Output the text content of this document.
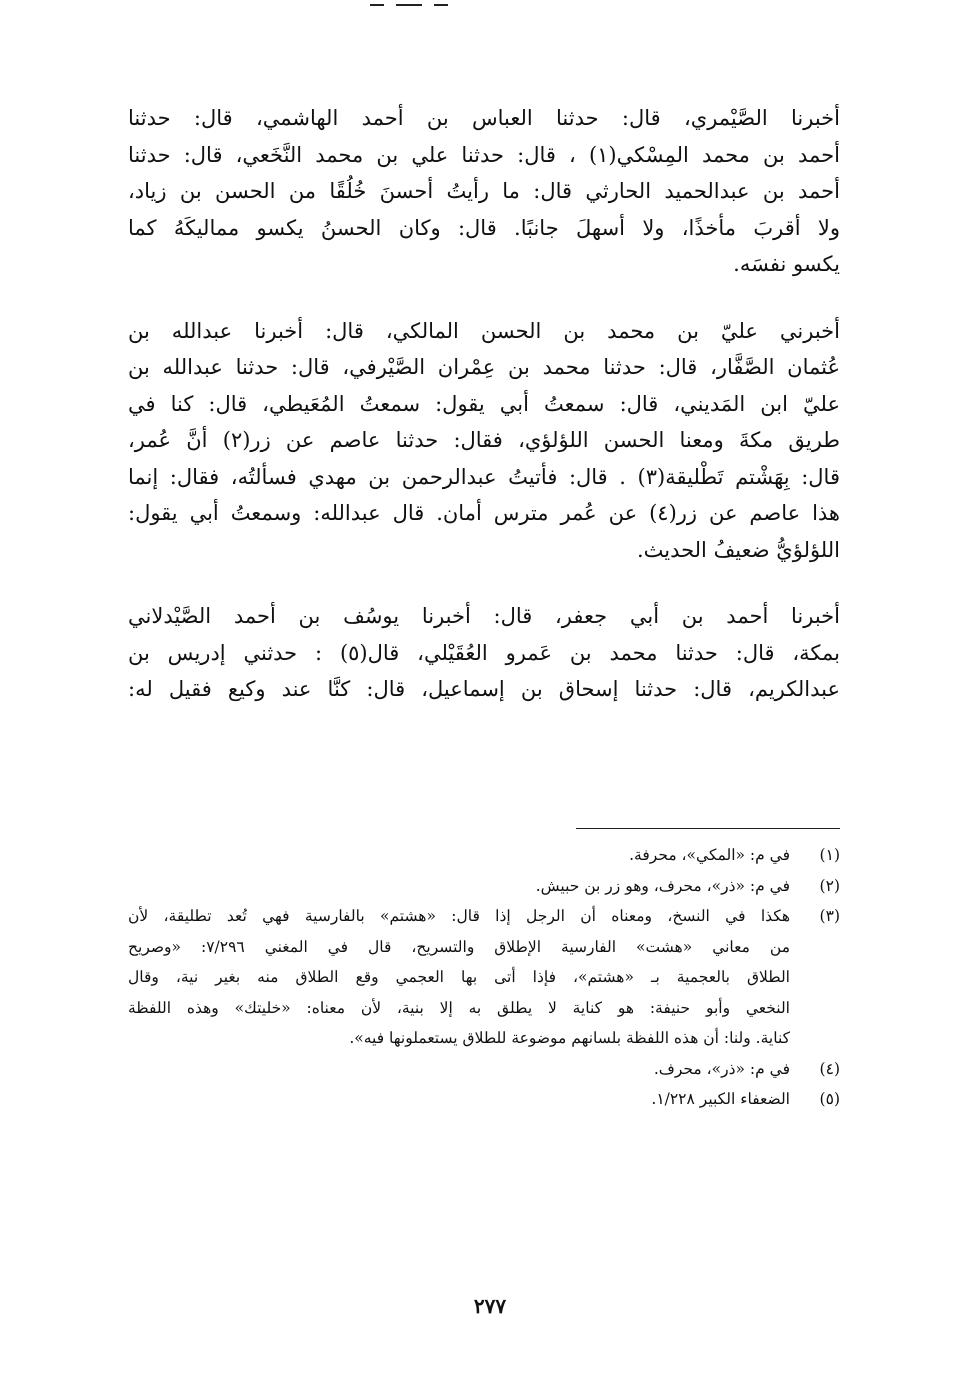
أخبرنا الصَّيْمري، قال: حدثنا العباس بن أحمد الهاشمي، قال: حدثنا
أحمد بن محمد المِسْكي(١) ، قال: حدثنا علي بن محمد النَّخَعي، قال: حدثنا
أحمد بن عبدالحميد الحارثي قال: ما رأيتُ أحسنَ خُلُقًا من الحسن بن زياد،
ولا أقربَ مأخذًا، ولا أسهلَ جانبًا. قال: وكان الحسنُ يكسو مماليكَهُ كما
يكسو نفسَه.

أخبرني عليّ بن محمد بن الحسن المالكي، قال: أخبرنا عبدالله بن
عُثمان الصَّفَّار، قال: حدثنا محمد بن عِمْران الصَّيْرفي، قال: حدثنا عبدالله بن
عليّ ابن المَديني، قال: سمعتُ أبي يقول: سمعتُ المُعَيطي، قال: كنا في
طريق مكةَ ومعنا الحسن اللؤلؤي، فقال: حدثنا عاصم عن زر(٢) أنَّ عُمر،
قال: بِهَشْتم تَطْليقة(٣) . قال: فأتيتُ عبدالرحمن بن مهدي فسألتُه، فقال: إنما
هذا عاصم عن زر(٤) عن عُمر مترس أمان. قال عبدالله: وسمعتُ أبي يقول:
اللؤلؤيُّ ضعيفُ الحديث.

أخبرنا أحمد بن أبي جعفر، قال: أخبرنا يوسُف بن أحمد الصَّيْدلاني
بمكة، قال: حدثنا محمد بن عَمرو العُقَيْلي، قال(٥) : حدثني إدريس بن
عبدالكريم، قال: حدثنا إسحاق بن إسماعيل، قال: كنَّا عند وكيع فقيل له:

(١)
في م: «المكي»، محرفة.
(٢)
في م: «ذر»، محرف، وهو زر بن حبيش.
(٣)
هكذا في النسخ، ومعناه أن الرجل إذا قال: «هشتم» بالفارسية فهي تُعد تطليقة، لأن
من معاني «هشت» الفارسية الإطلاق والتسريح، قال في المغني ٧/٢٩٦: «وصريح
الطلاق بالعجمية بـ «هشتم»، فإذا أتى بها العجمي وقع الطلاق منه بغير نية، وقال
النخعي وأبو حنيفة: هو كناية لا يطلق به إلا بنية، لأن معناه: «خليتك» وهذه اللفظة
كناية. ولنا: أن هذه اللفظة بلسانهم موضوعة للطلاق يستعملونها فيه».
(٤)
في م: «ذر»، محرف.
(٥)
الضعفاء الكبير ١/٢٢٨.
٢٧٧
